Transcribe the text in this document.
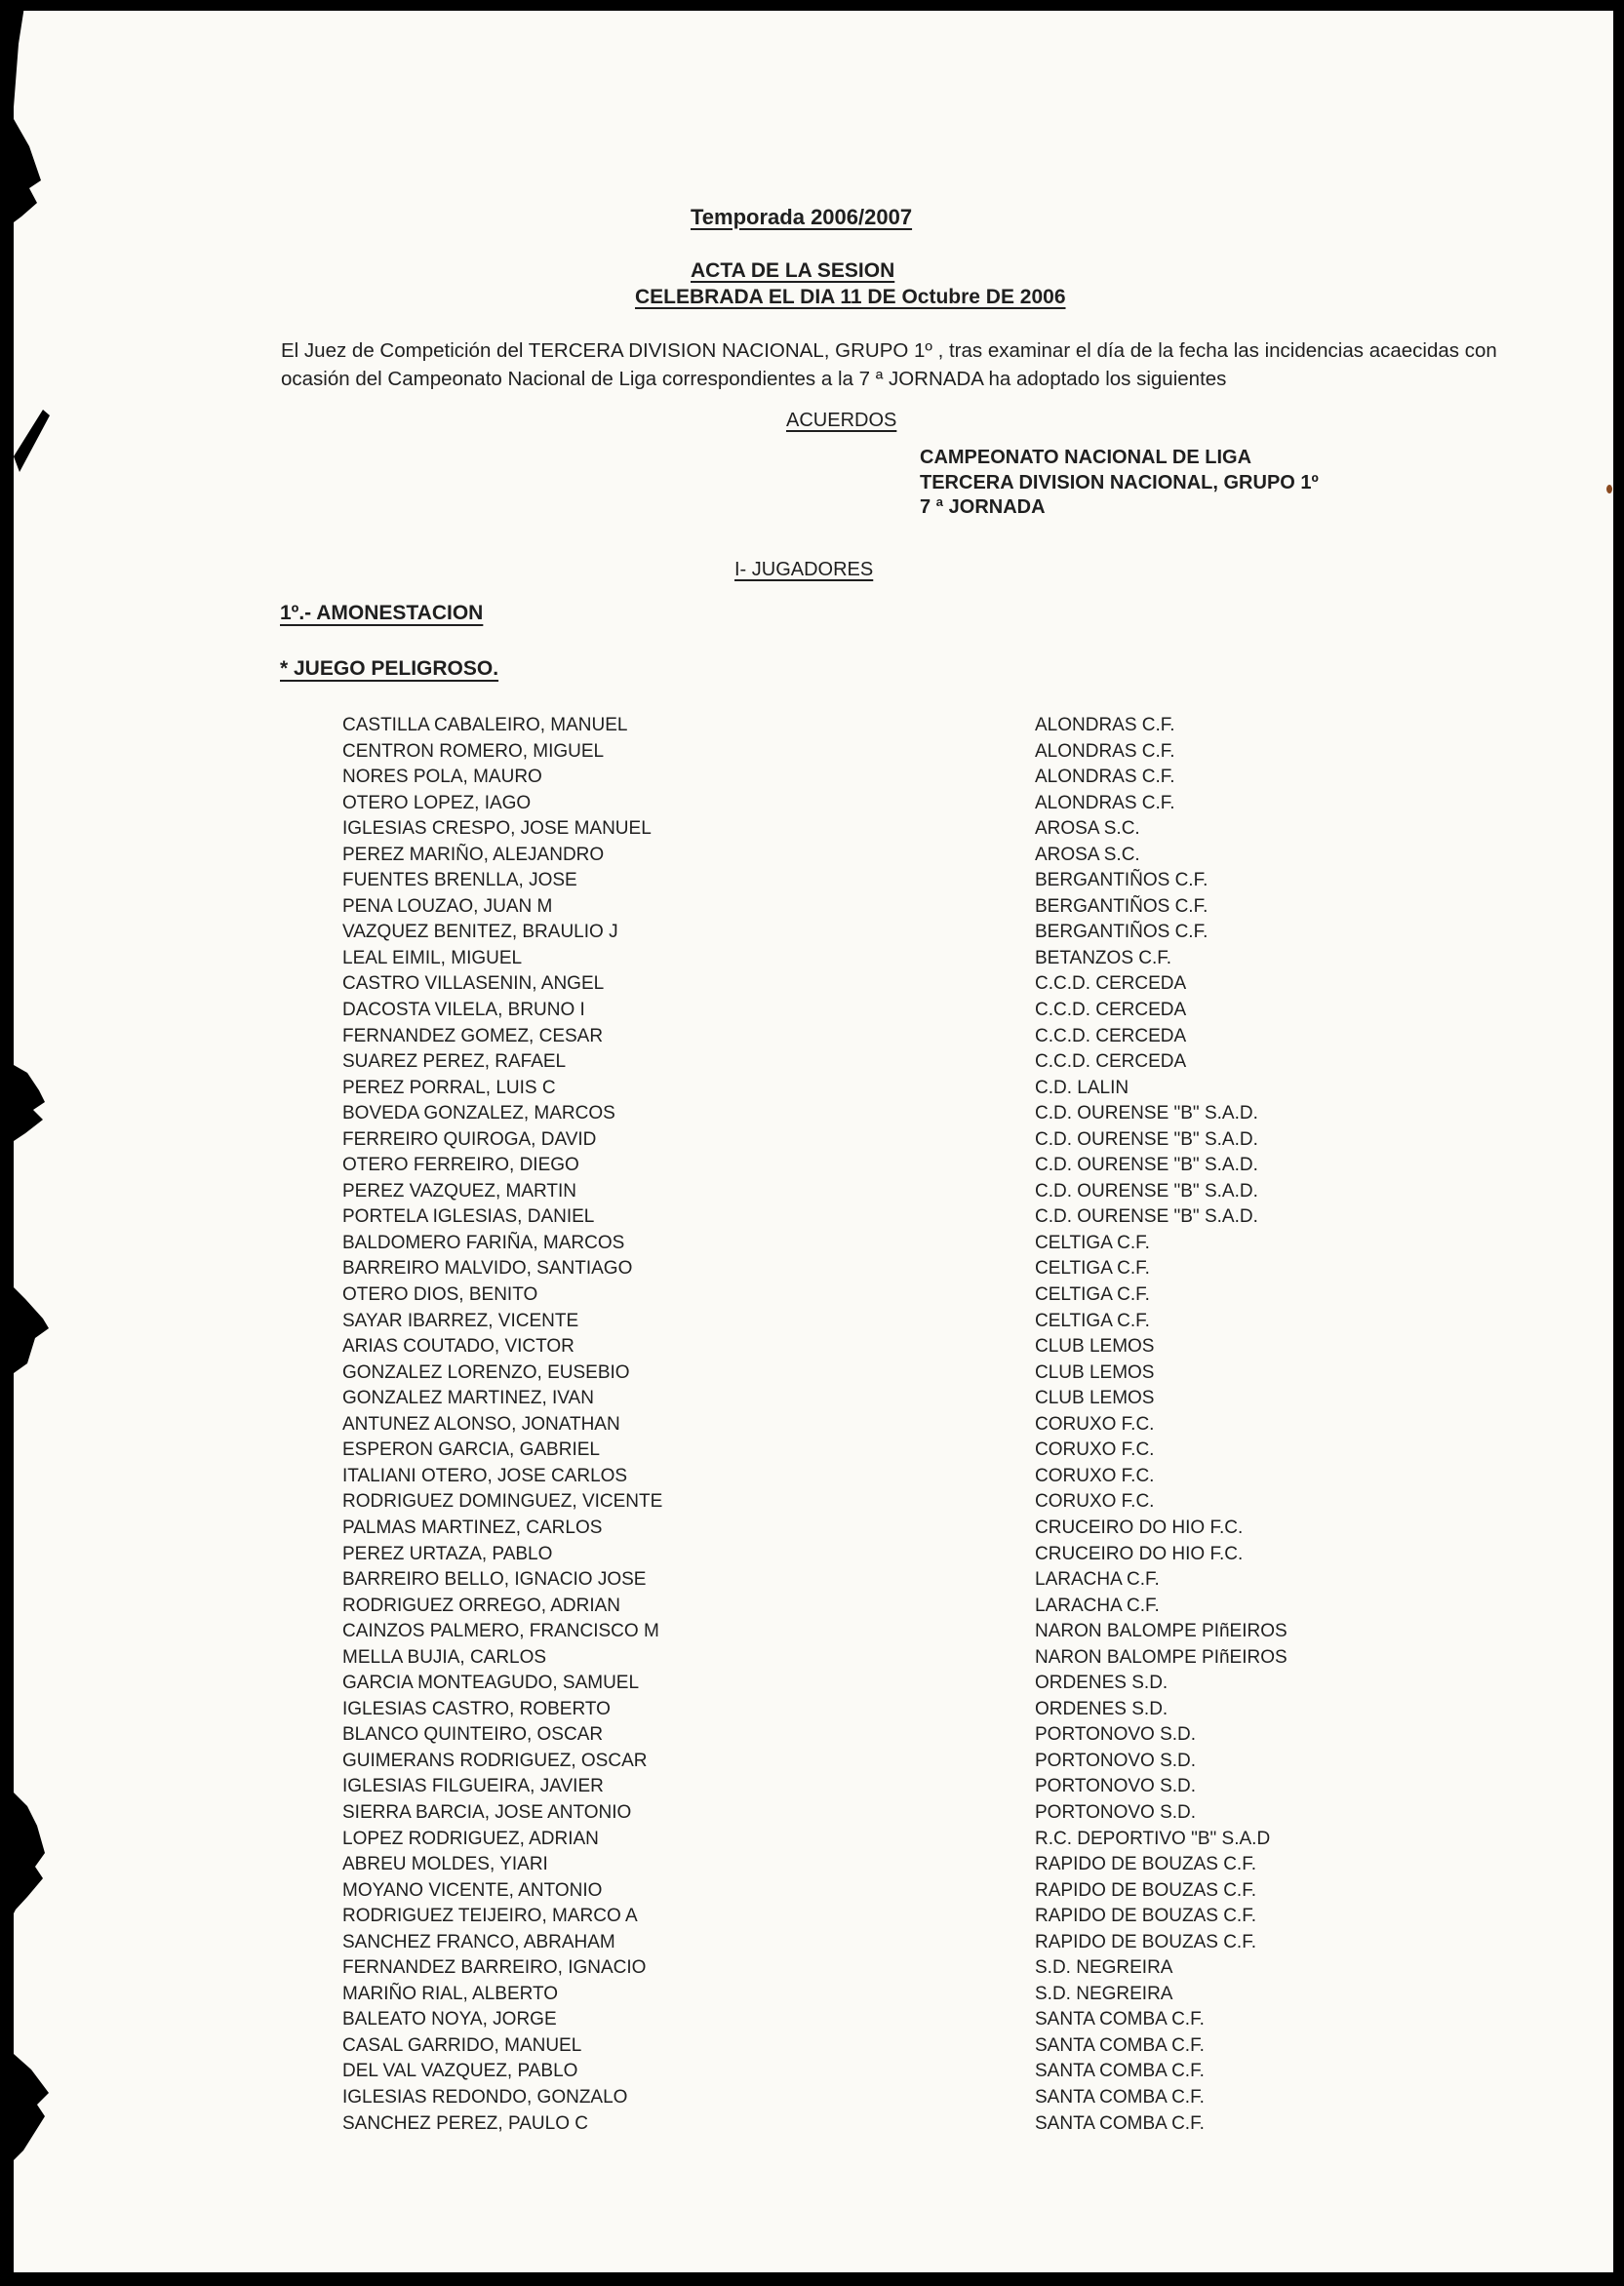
Temporada 2006/2007
ACTA DE LA SESION
CELEBRADA EL DIA 11 DE Octubre DE 2006
El Juez de Competición del TERCERA DIVISION NACIONAL, GRUPO 1º , tras examinar el día de la fecha las incidencias acaecidas con ocasión del Campeonato Nacional de Liga correspondientes a la 7 ª JORNADA ha adoptado los siguientes
ACUERDOS
CAMPEONATO NACIONAL DE LIGA
TERCERA DIVISION NACIONAL, GRUPO 1º
7 ª JORNADA
I- JUGADORES
1º.- AMONESTACION
* JUEGO PELIGROSO.
CASTILLA CABALEIRO, MANUEL	ALONDRAS C.F.
CENTRON ROMERO, MIGUEL	ALONDRAS C.F.
NORES POLA, MAURO	ALONDRAS C.F.
OTERO LOPEZ, IAGO	ALONDRAS C.F.
IGLESIAS CRESPO, JOSE MANUEL	AROSA S.C.
PEREZ MARIÑO, ALEJANDRO	AROSA S.C.
FUENTES BRENLLA, JOSE	BERGANTIÑOS C.F.
PENA LOUZAO, JUAN M	BERGANTIÑOS C.F.
VAZQUEZ BENITEZ, BRAULIO J	BERGANTIÑOS C.F.
LEAL EIMIL, MIGUEL	BETANZOS C.F.
CASTRO VILLASENIN, ANGEL	C.C.D. CERCEDA
DACOSTA VILELA, BRUNO I	C.C.D. CERCEDA
FERNANDEZ GOMEZ, CESAR	C.C.D. CERCEDA
SUAREZ PEREZ, RAFAEL	C.C.D. CERCEDA
PEREZ PORRAL, LUIS C	C.D. LALIN
BOVEDA GONZALEZ, MARCOS	C.D. OURENSE "B" S.A.D.
FERREIRO QUIROGA, DAVID	C.D. OURENSE "B" S.A.D.
OTERO FERREIRO, DIEGO	C.D. OURENSE "B" S.A.D.
PEREZ VAZQUEZ, MARTIN	C.D. OURENSE "B" S.A.D.
PORTELA IGLESIAS, DANIEL	C.D. OURENSE "B" S.A.D.
BALDOMERO FARIÑA, MARCOS	CELTIGA C.F.
BARREIRO MALVIDO, SANTIAGO	CELTIGA C.F.
OTERO DIOS, BENITO	CELTIGA C.F.
SAYAR IBARREZ, VICENTE	CELTIGA C.F.
ARIAS COUTADO, VICTOR	CLUB LEMOS
GONZALEZ LORENZO, EUSEBIO	CLUB LEMOS
GONZALEZ MARTINEZ, IVAN	CLUB LEMOS
ANTUNEZ ALONSO, JONATHAN	CORUXO F.C.
ESPERON GARCIA, GABRIEL	CORUXO F.C.
ITALIANI OTERO, JOSE CARLOS	CORUXO F.C.
RODRIGUEZ DOMINGUEZ, VICENTE	CORUXO F.C.
PALMAS MARTINEZ, CARLOS	CRUCEIRO DO HIO F.C.
PEREZ URTAZA, PABLO	CRUCEIRO DO HIO F.C.
BARREIRO BELLO, IGNACIO JOSE	LARACHA C.F.
RODRIGUEZ ORREGO, ADRIAN	LARACHA C.F.
CAINZOS PALMERO, FRANCISCO M	NARON BALOMPE PIñEIROS
MELLA BUJIA, CARLOS	NARON BALOMPE PIñEIROS
GARCIA MONTEAGUDO, SAMUEL	ORDENES S.D.
IGLESIAS CASTRO, ROBERTO	ORDENES S.D.
BLANCO QUINTEIRO, OSCAR	PORTONOVO S.D.
GUIMERANS RODRIGUEZ, OSCAR	PORTONOVO S.D.
IGLESIAS FILGUEIRA, JAVIER	PORTONOVO S.D.
SIERRA BARCIA, JOSE ANTONIO	PORTONOVO S.D.
LOPEZ RODRIGUEZ, ADRIAN	R.C. DEPORTIVO "B" S.A.D
ABREU MOLDES, YIARI	RAPIDO DE BOUZAS C.F.
MOYANO VICENTE, ANTONIO	RAPIDO DE BOUZAS C.F.
RODRIGUEZ TEIJEIRO, MARCO A	RAPIDO DE BOUZAS C.F.
SANCHEZ FRANCO, ABRAHAM	RAPIDO DE BOUZAS C.F.
FERNANDEZ BARREIRO, IGNACIO	S.D. NEGREIRA
MARIÑO RIAL, ALBERTO	S.D. NEGREIRA
BALEATO NOYA, JORGE	SANTA COMBA C.F.
CASAL GARRIDO, MANUEL	SANTA COMBA C.F.
DEL VAL VAZQUEZ, PABLO	SANTA COMBA C.F.
IGLESIAS REDONDO, GONZALO	SANTA COMBA C.F.
SANCHEZ PEREZ, PAULO C	SANTA COMBA C.F.
